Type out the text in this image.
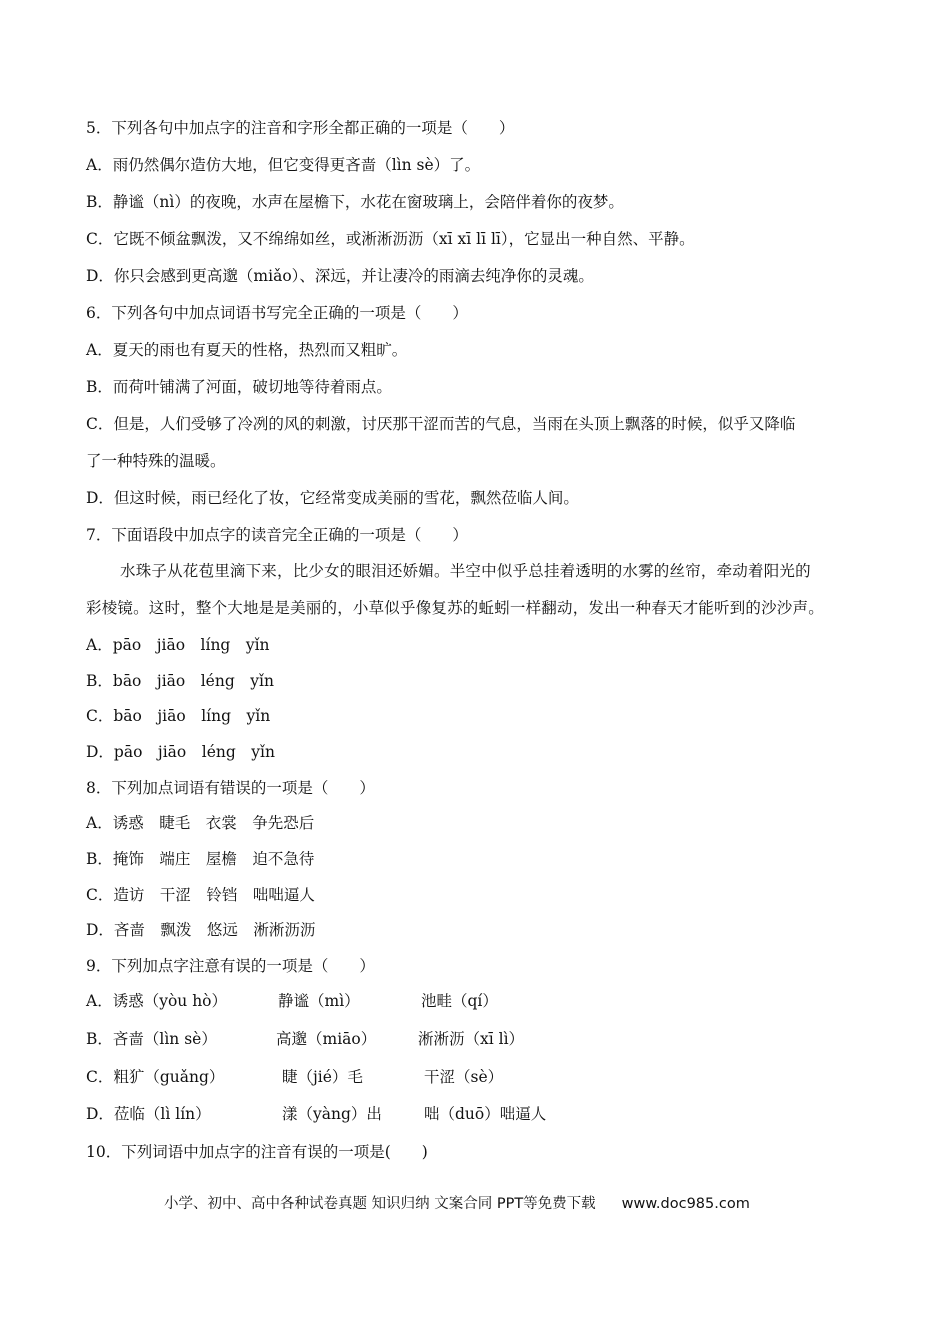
5．下列各句中加点字的注音和字形全都正确的一项是（　　）
A．雨仍然偶尔造仿大地，但它变得更吝啬（lìn sè）了。
B．静谧（nì）的夜晚，水声在屋檐下，水花在窗玻璃上，会陪伴着你的夜梦。
C．它既不倾盆飘泼，又不绵绵如丝，或淅淅沥沥（xī xī lī lī），它显出一种自然、平静。
D．你只会感到更高邈（miǎo）、深远，并让凄冷的雨滴去纯净你的灵魂。
6．下列各句中加点词语书写完全正确的一项是（　　）
A．夏天的雨也有夏天的性格，热烈而又粗旷。
B．而荷叶铺满了河面，破切地等待着雨点。
C．但是，人们受够了冷冽的风的刺激，讨厌那干涩而苦的气息，当雨在头顶上飘落的时候，似乎又降临
了一种特殊的温暖。
D．但这时候，雨已经化了妆，它经常变成美丽的雪花，飘然莅临人间。
7．下面语段中加点字的读音完全正确的一项是（　　）
水珠子从花苞里滴下来，比少女的眼泪还娇媚。半空中似乎总挂着透明的水雾的丝帘，牵动着阳光的
彩棱镜。这时，整个大地是是美丽的，小草似乎像复苏的蚯蚓一样翻动，发出一种春天才能听到的沙沙声。
A．pāo　jiāo　líng　yǐn
B．bāo　jiāo　léng　yǐn
C．bāo　jiāo　líng　yǐn
D．pāo　jiāo　léng　yǐn
8．下列加点词语有错误的一项是（　　）
A．诱惑　睫毛　衣裳　争先恐后
B．掩饰　端庄　屋檐　迫不急待
C．造访　干涩　铃铛　咄咄逼人
D．吝啬　飘泼　悠远　淅淅沥沥
9．下列加点字注意有误的一项是（　　）
A．诱惑（yòu hò）	静谧（mì）	池畦（qí）
B．吝啬（lìn sè）	高邈（miāo）	淅淅沥（xī lì）
C．粗犷（guǎng）	睫（jié）毛	干涩（sè）
D．莅临（lì lín）	漾（yàng）出	咄（duō）咄逼人
10．下列词语中加点字的注音有误的一项是(　　)
小学、初中、高中各种试卷真题 知识归纳 文案合同 PPT等免费下载 www.doc985.com
